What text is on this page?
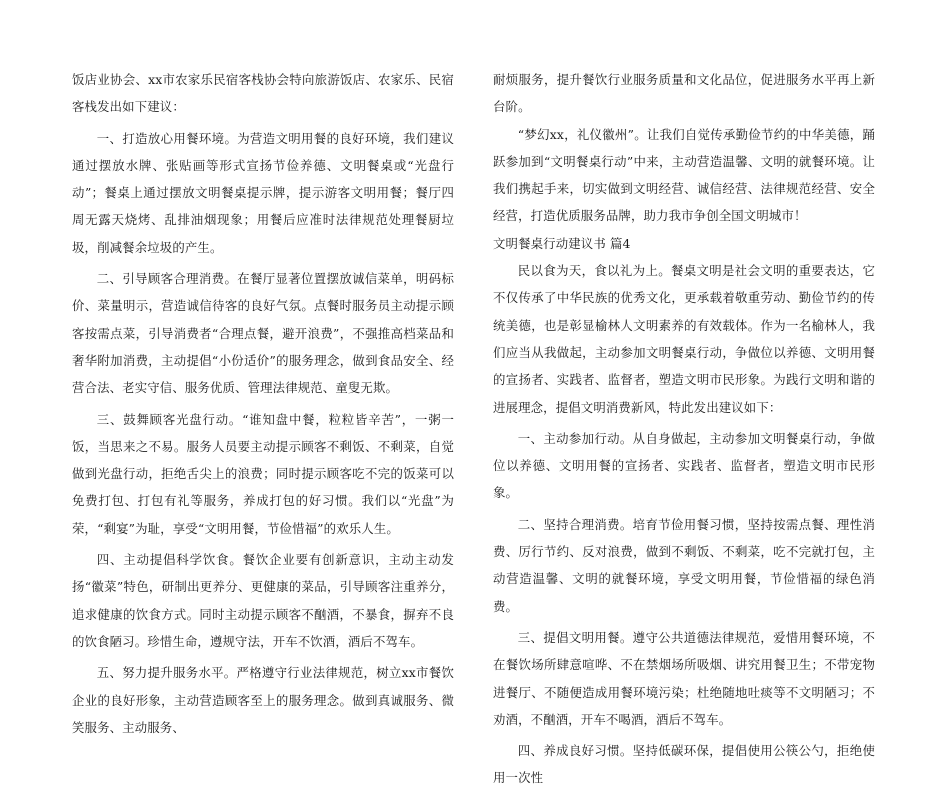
饭店业协会、xx市农家乐民宿客栈协会特向旅游饭店、农家乐、民宿客栈发出如下建议：

一、打造放心用餐环境。为营造文明用餐的良好环境，我们建议通过摆放水牌、张贴画等形式宣扬节俭养德、文明餐桌或“光盘行动”；餐桌上通过摆放文明餐桌提示牌，提示游客文明用餐；餐厅四周无露天烧烤、乱排油烟现象；用餐后应准时法律规范处理餐厨垃圾，削减餐余垃圾的产生。

二、引导顾客合理消费。在餐厅显著位置摆放诚信菜单，明码标价、菜量明示，营造诚信待客的良好气氛。点餐时服务员主动提示顾客按需点菜，引导消费者“合理点餐，避开浪费”，不强推高档菜品和奢华附加消费，主动提倡“小份适价”的服务理念，做到食品安全、经营合法、老实守信、服务优质、管理法律规范、童叟无欺。

三、鼓舞顾客光盘行动。“谁知盘中餐，粒粒皆辛苦”，一粥一饭，当思来之不易。服务人员要主动提示顾客不剩饭、不剩菜，自觉做到光盘行动，拒绝舌尖上的浪费；同时提示顾客吃不完的饭菜可以免费打包、打包有礼等服务，养成打包的好习惯。我们以“光盘”为荣，“剩宴”为耻，享受“文明用餐，节俭惜福”的欢乐人生。

四、主动提倡科学饮食。餐饮企业要有创新意识，主动主动发扬“徽菜”特色，研制出更养分、更健康的菜品，引导顾客注重养分，追求健康的饮食方式。同时主动提示顾客不酗酒，不暴食，摒弃不良的饮食陋习。珍惜生命，遵规守法，开车不饮酒，酒后不驾车。

五、努力提升服务水平。严格遵守行业法律规范，树立xx市餐饮企业的良好形象，主动营造顾客至上的服务理念。做到真诚服务、微笑服务、主动服务、

耐烦服务，提升餐饮行业服务质量和文化品位，促进服务水平再上新台阶。

“梦幻xx，礼仪徽州”。让我们自觉传承勤俭节约的中华美德，踊跃参加到“文明餐桌行动”中来，主动营造温馨、文明的就餐环境。让我们携起手来，切实做到文明经营、诚信经营、法律规范经营、安全经营，打造优质服务品牌，助力我市争创全国文明城市！

文明餐桌行动建议书 篇4

民以食为天，食以礼为上。餐桌文明是社会文明的重要表达，它不仅传承了中华民族的优秀文化，更承载着敬重劳动、勤俭节约的传统美德，也是彰显榆林人文明素养的有效载体。作为一名榆林人，我们应当从我做起，主动参加文明餐桌行动，争做位以养德、文明用餐的宣扬者、实践者、监督者，塑造文明市民形象。为践行文明和谐的进展理念，提倡文明消费新风，特此发出建议如下：

一、主动参加行动。从自身做起，主动参加文明餐桌行动，争做位以养德、文明用餐的宣扬者、实践者、监督者，塑造文明市民形象。

二、坚持合理消费。培育节俭用餐习惯，坚持按需点餐、理性消费、厉行节约、反对浪费，做到不剩饭、不剩菜，吃不完就打包，主动营造温馨、文明的就餐环境，享受文明用餐，节俭惜福的绿色消费。

三、提倡文明用餐。遵守公共道德法律规范，爱惜用餐环境，不在餐饮场所肆意喧哗、不在禁烟场所吸烟、讲究用餐卫生；不带宠物进餐厅、不随便造成用餐环境污染；杜绝随地吐痰等不文明陋习；不劝酒，不酗酒，开车不喝酒，酒后不驾车。

四、养成良好习惯。坚持低碳环保，提倡使用公筷公勺，拒绝使用一次性
